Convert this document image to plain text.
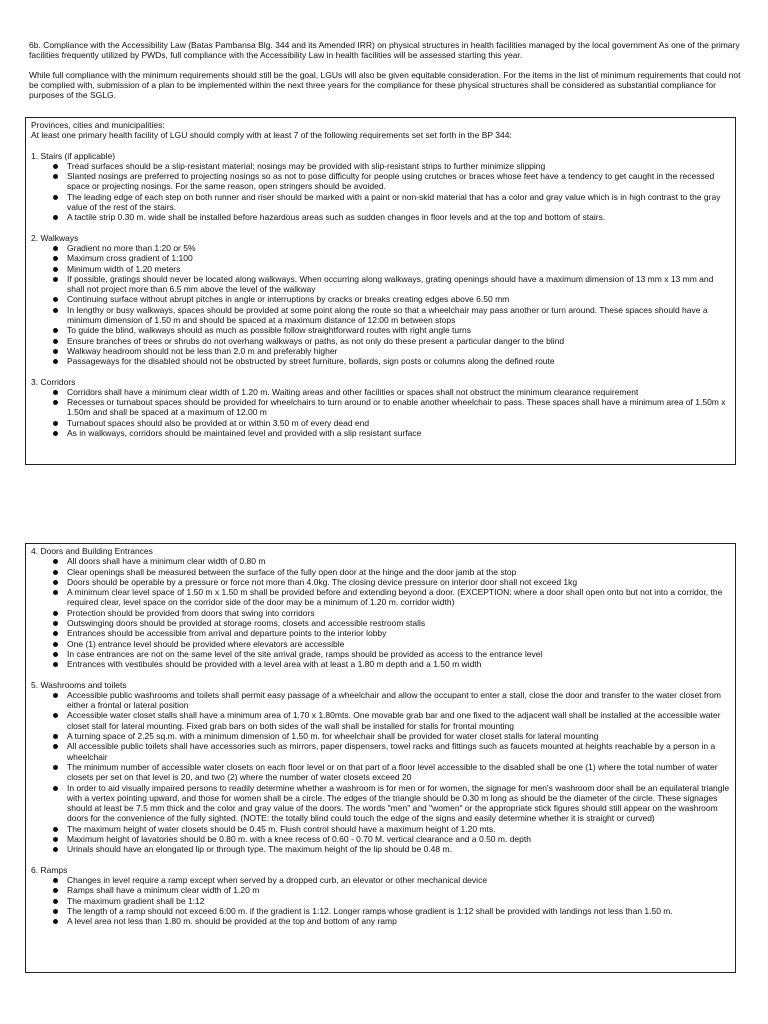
6b. Compliance with the Accessibility Law (Batas Pambansa Blg. 344 and its Amended IRR) on physical structures in health facilities managed by the local government As one of the primary facilities frequently utilized by PWDs, full compliance with the Accessibility Law in health facilities will be assessed starting this year.

While full compliance with the minimum requirements should still be the goal, LGUs will also be given equitable consideration. For the items in the list of minimum requirements that could not be complied with, submission of a plan to be implemented within the next three years for the compliance for these physical structures shall be considered as substantial compliance for purposes of the SGLG.

Provinces, cities and municipalities:

At least one primary health facility of LGU should comply with at least 7 of the following requirements set set forth in the BP 344:

1. Stairs (if applicable)

Tread surfaces should be a slip-resistant material; nosings may be provided with slip-resistant strips to further minimize slipping
Slanted nosings are preferred to projecting nosings so as not to pose difficulty for people using crutches or braces whose feet have a tendency to get caught in the recessed space or projecting nosings. For the same reason, open stringers should be avoided.
The leading edge of each step on both runner and riser should be marked with a paint or non-skid material that has a color and gray value which is in high contrast to the gray value of the rest of the stairs.
A tactile strip 0.30 m. wide shall be installed before hazardous areas such as sudden changes in floor levels and at the top and bottom of stairs.

2. Walkways

Gradient no more than 1:20 or 5%
Maximum cross gradient of 1:100
Minimum width of 1.20 meters
If possible, gratings should never be located along walkways. When occurring along walkways, grating openings should have a maximum dimension of 13 mm x 13 mm and shall not project more than 6.5 mm above the level of the walkway
Continuing surface without abrupt pitches in angle or interruptions by cracks or breaks creating edges above 6.50 mm
In lengthy or busy walkways, spaces should be provided at some point along the route so that a wheelchair may pass another or turn around. These spaces should have a minimum dimension of 1.50 m and should be spaced at a maximum distance of 12:00 m between stops
To guide the blind, walkways should as much as possible follow straightforward routes with right angle turns
Ensure branches of trees or shrubs do not overhang walkways or paths, as not only do these present a particular danger to the blind
Walkway headroom should not be less than 2.0 m and preferably higher
Passageways for the disabled should not be obstructed by street furniture, bollards, sign posts or columns along the defined route

3. Corridors

Corridors shall have a minimum clear width of 1.20 m. Waiting areas and other facilities or spaces shall not obstruct the minimum clearance requirement
Recesses or turnabout spaces should be provided for wheelchairs to turn around or to enable another wheelchair to pass. These spaces shall have a minimum area of 1.50m x 1.50m and shall be spaced at a maximum of 12.00 m
Turnabout spaces should also be provided at or within 3.50 m of every dead end
As in walkways, corridors should be maintained level and provided with a slip resistant surface

4. Doors and Building Entrances

All doors shall have a minimum clear width of 0.80 m
Clear openings shall be measured between the surface of the fully open door at the hinge and the door jamb at the stop
Doors should be operable by a pressure or force not more than 4.0kg. The closing device pressure on interior door shall not exceed 1kg
A minimum clear level space of 1.50 m x 1.50 m shall be provided before and extending beyond a door. (EXCEPTION: where a door shall open onto but not into a corridor, the required clear, level space on the corridor side of the door may be a minimum of 1.20 m. corridor width)
Protection should be provided from doors that swing into corridors
Outswinging doors should be provided at storage rooms, closets and accessible restroom stalls
Entrances should be accessible from arrival and departure points to the interior lobby
One (1) entrance level should be provided where elevators are accessible
In case entrances are not on the same level of the site arrival grade, ramps should be provided as access to the entrance level
Entrances with vestibules should be provided with a level area with at least a 1.80 m depth and a 1.50 m width

5. Washrooms and toilets

Accessible public washrooms and toilets shall permit easy passage of a wheelchair and allow the occupant to enter a stall, close the door and transfer to the water closet from either a frontal or lateral position
Accessible water closet stalls shall have a minimum area of 1.70 x 1.80mts. One movable grab bar and one fixed to the adjacent wall shall be installed at the accessible water closet stall for lateral mounting. Fixed grab bars on both sides of the wall shall be installed for stalls for frontal mounting
A turning space of 2.25 sq.m. with a minimum dimension of 1.50 m. for wheelchair shall be provided for water closet stalls for lateral mounting
All accessible public toilets shall have accessories such as mirrors, paper dispensers, towel racks and fittings such as faucets mounted at heights reachable by a person in a wheelchair
The minimum number of accessible water closets on each floor level or on that part of a floor level accessible to the disabled shall be one (1) where the total number of water closets per set on that level is 20, and two (2) where the number of water closets exceed 20
In order to aid visually impaired persons to readily determine whether a washroom is for men or for women, the signage for men's washroom door shall be an equilateral triangle with a vertex pointing upward, and those for women shall be a circle. The edges of the triangle should be 0.30 m long as should be the diameter of the circle. These signages should at least be 7.5 mm thick and the color and gray value of the doors. The words "men" and "women" or the appropriate stick figures should still appear on the washroom doors for the convenience of the fully sighted. (NOTE: the totally blind could touch the edge of the signs and easily determine whether it is straight or curved)
The maximum height of water closets should be 0.45 m. Flush control should have a maximum height of 1.20 mts.
Maximum height of lavatories should be 0.80 m. with a knee recess of 0.60 - 0.70 M. vertical clearance and a 0.50 m. depth
Urinals should have an elongated lip or through type. The maximum height of the lip should be 0.48 m.

6. Ramps

Changes in level require a ramp except when served by a dropped curb, an elevator or other mechanical device
Ramps shall have a minimum clear width of 1.20 m
The maximum gradient shall be 1:12
The length of a ramp should not exceed 6:00 m. if the gradient is 1:12. Longer ramps whose gradient is 1:12 shall be provided with landings not less than 1.50 m.
A level area not less than 1.80 m. should be provided at the top and bottom of any ramp
